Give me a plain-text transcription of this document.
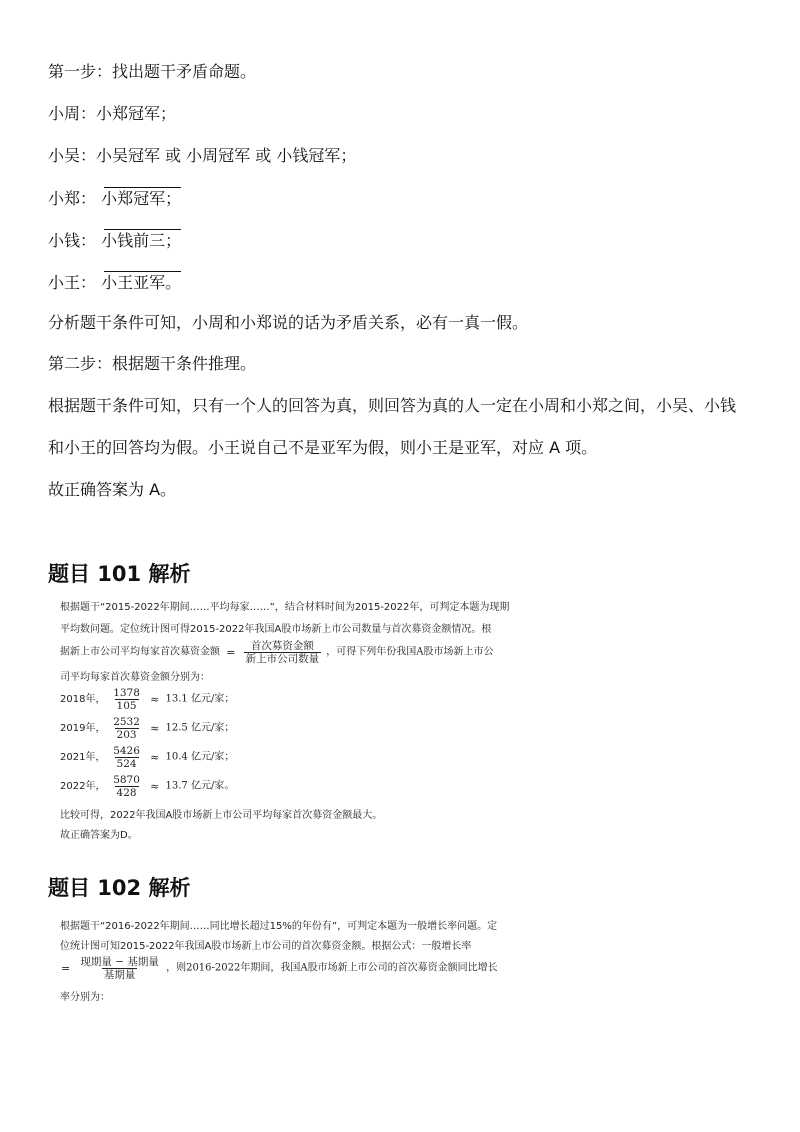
第一步：找出题干矛盾命题。
小周：小郑冠军；
小吴：小吴冠军 或 小周冠军 或 小钱冠军；
小郑： 小郑冠军；
小钱： 小钱前三；
小王： 小王亚军。
分析题干条件可知，小周和小郑说的话为矛盾关系，必有一真一假。
第二步：根据题干条件推理。
根据题干条件可知，只有一个人的回答为真，则回答为真的人一定在小周和小郑之间，小吴、小钱
和小王的回答均为假。小王说自己不是亚军为假，则小王是亚军，对应 A 项。
故正确答案为 A。
题目 101 解析
根据题干“2015-2022年期间……平均每家……”，结合材料时间为2015-2022年，可判定本题为现期
平均数问题。定位统计图可得2015-2022年我国A股市场新上市公司数量与首次募资金额情况。根
据新上市公司平均每家首次募资金额 = $\frac{\text{首次募资金额}}{\text{新上市公司数量}}$ ，可得下列年份我国A股市场新上市公
司平均每家首次募资金额分别为：
2018年， $\frac{1378}{105} \approx 13.1$ 亿元/家；
2019年， $\frac{2532}{203} \approx 12.5$ 亿元/家；
2021年， $\frac{5426}{524} \approx 10.4$ 亿元/家；
2022年， $\frac{5870}{428} \approx 13.7$ 亿元/家。
比较可得，2022年我国A股市场新上市公司平均每家首次募资金额最大。
故正确答案为D。
题目 102 解析
根据题干“2016-2022年期间……同比增长超过15%的年份有”，可判定本题为一般增长率问题。定
位统计图可知2015-2022年我国A股市场新上市公司的首次募资金额。根据公式：一般增长率
= $\frac{\text{现期量 − 基期量}}{\text{基期量}}$ ，则2016-2022年期间，我国A股市场新上市公司的首次募资金额同比增长
率分别为：
